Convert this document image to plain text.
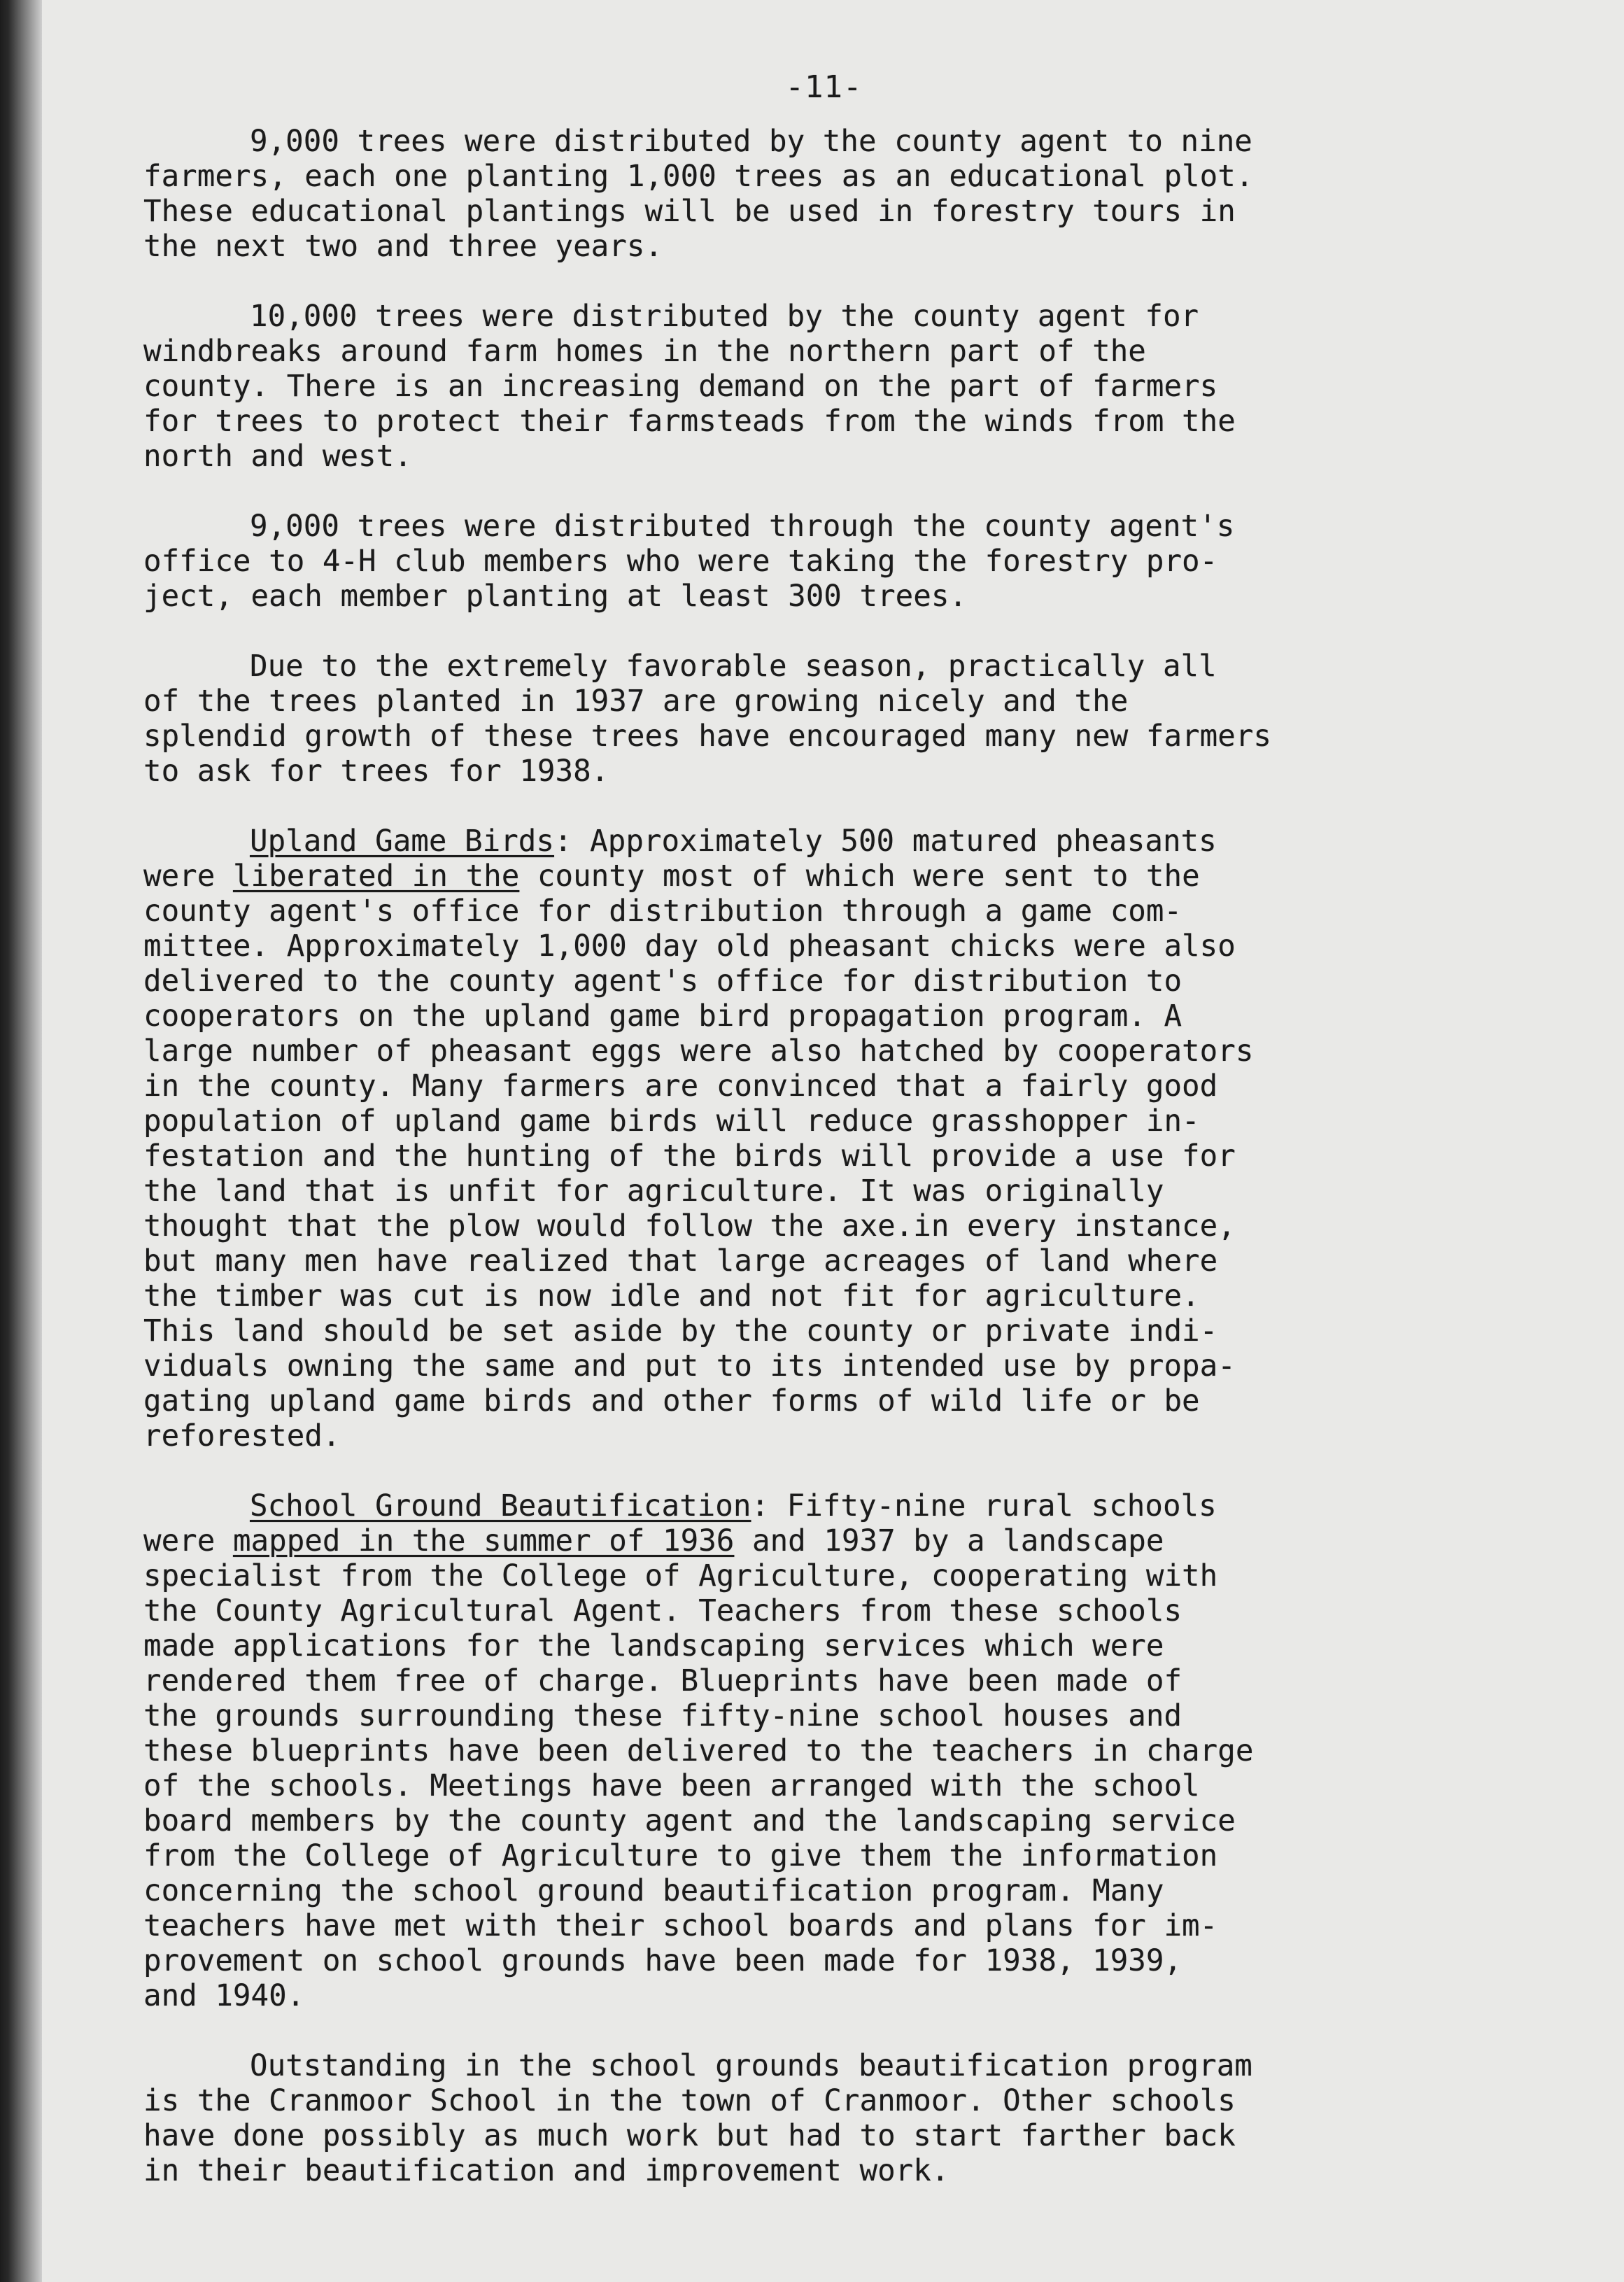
-11-
9,000 trees were distributed by the county agent to nine
farmers, each one planting 1,000 trees as an educational plot.
These educational plantings will be used in forestry tours in
the next two and three years.
10,000 trees were distributed by the county agent for
windbreaks around farm homes in the northern part of the
county. There is an increasing demand on the part of farmers
for trees to protect their farmsteads from the winds from the
north and west.
9,000 trees were distributed through the county agent's
office to 4-H club members who were taking the forestry pro-
ject, each member planting at least 300 trees.
Due to the extremely favorable season, practically all
of the trees planted in 1937 are growing nicely and the
splendid growth of these trees have encouraged many new farmers
to ask for trees for 1938.
Upland Game Birds: Approximately 500 matured pheasants
were liberated in the county most of which were sent to the
county agent's office for distribution through a game com-
mittee. Approximately 1,000 day old pheasant chicks were also
delivered to the county agent's office for distribution to
cooperators on the upland game bird propagation program. A
large number of pheasant eggs were also hatched by cooperators
in the county. Many farmers are convinced that a fairly good
population of upland game birds will reduce grasshopper in-
festation and the hunting of the birds will provide a use for
the land that is unfit for agriculture. It was originally
thought that the plow would follow the axe.in every instance,
but many men have realized that large acreages of land where
the timber was cut is now idle and not fit for agriculture.
This land should be set aside by the county or private indi-
viduals owning the same and put to its intended use by propa-
gating upland game birds and other forms of wild life or be
reforested.
School Ground Beautification: Fifty-nine rural schools
were mapped in the summer of 1936 and 1937 by a landscape
specialist from the College of Agriculture, cooperating with
the County Agricultural Agent. Teachers from these schools
made applications for the landscaping services which were
rendered them free of charge. Blueprints have been made of
the grounds surrounding these fifty-nine school houses and
these blueprints have been delivered to the teachers in charge
of the schools. Meetings have been arranged with the school
board members by the county agent and the landscaping service
from the College of Agriculture to give them the information
concerning the school ground beautification program. Many
teachers have met with their school boards and plans for im-
provement on school grounds have been made for 1938, 1939,
and 1940.
Outstanding in the school grounds beautification program
is the Cranmoor School in the town of Cranmoor. Other schools
have done possibly as much work but had to start farther back
in their beautification and improvement work.
